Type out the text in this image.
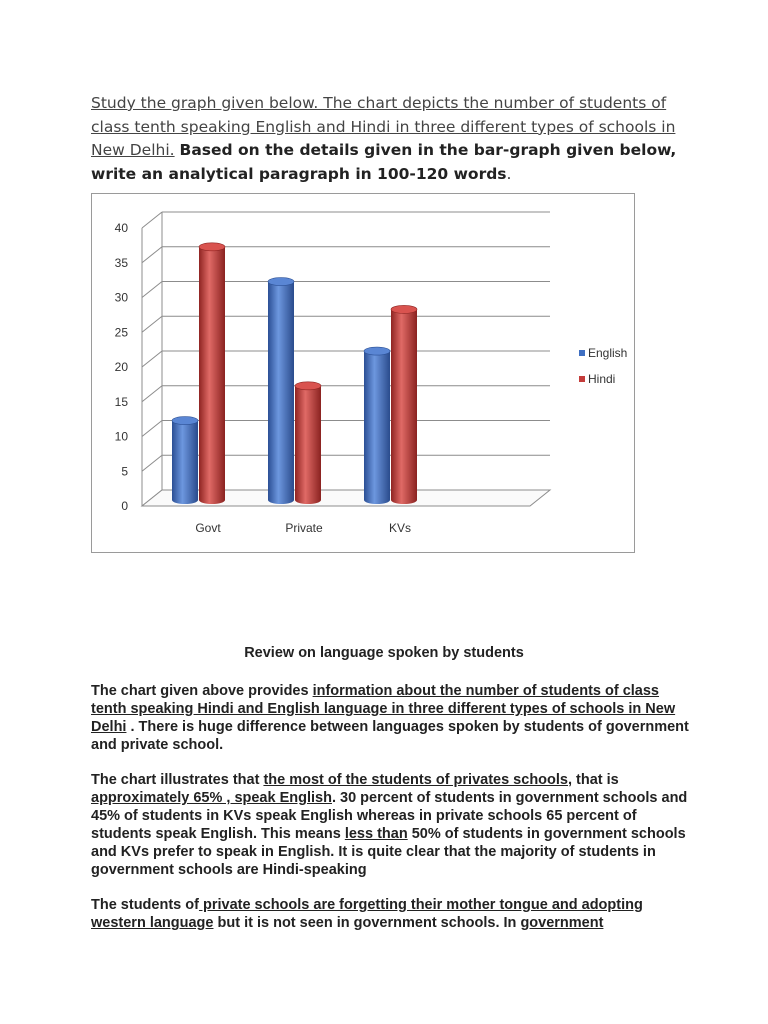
Study the graph given below. The chart depicts the number of students of class tenth speaking English and Hindi in three different types of schools in New Delhi. Based on the details given in the bar-graph given below, write an analytical paragraph in 100-120 words.
0
5
10
15
20
25
30
35
40
Govt	Private	KVs
English
Hindi
Review on language spoken by students
The chart given above provides information about the number of students of class tenth speaking Hindi and English language in three different types of schools in New Delhi . There is huge difference between languages spoken by students of government and private school.
The chart illustrates that the most of the students of privates schools, that is approximately 65% , speak English. 30 percent of students in government schools and 45% of students in KVs speak English whereas in private schools 65 percent of students speak English. This means less than 50% of students in government schools and KVs prefer to speak in English. It is quite clear that the majority of students in government schools are Hindi-speaking
The students of private schools are forgetting their mother tongue and adopting western language but it is not seen in government schools. In government
